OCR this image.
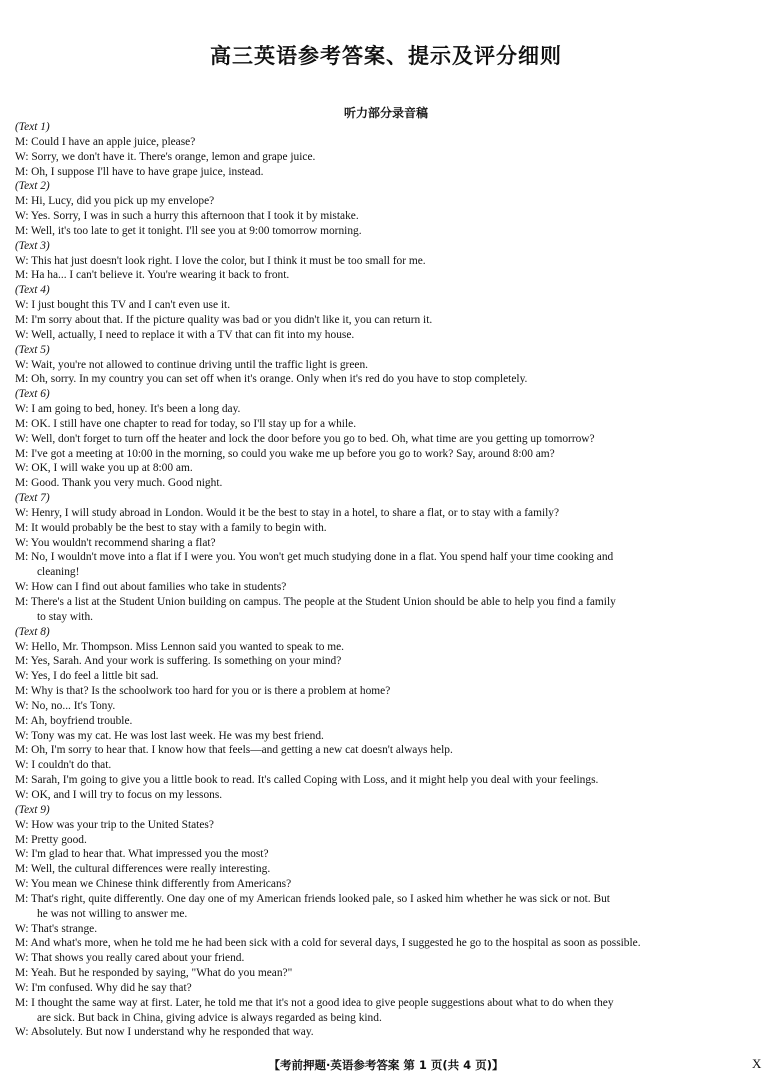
高三英语参考答案、提示及评分细则
听力部分录音稿
(Text 1)
M: Could I have an apple juice, please?
W: Sorry, we don't have it. There's orange, lemon and grape juice.
M: Oh, I suppose I'll have to have grape juice, instead.
(Text 2)
M: Hi, Lucy, did you pick up my envelope?
W: Yes. Sorry, I was in such a hurry this afternoon that I took it by mistake.
M: Well, it's too late to get it tonight. I'll see you at 9:00 tomorrow morning.
(Text 3)
W: This hat just doesn't look right. I love the color, but I think it must be too small for me.
M: Ha ha... I can't believe it. You're wearing it back to front.
(Text 4)
W: I just bought this TV and I can't even use it.
M: I'm sorry about that. If the picture quality was bad or you didn't like it, you can return it.
W: Well, actually, I need to replace it with a TV that can fit into my house.
(Text 5)
W: Wait, you're not allowed to continue driving until the traffic light is green.
M: Oh, sorry. In my country you can set off when it's orange. Only when it's red do you have to stop completely.
(Text 6)
W: I am going to bed, honey. It's been a long day.
M: OK. I still have one chapter to read for today, so I'll stay up for a while.
W: Well, don't forget to turn off the heater and lock the door before you go to bed. Oh, what time are you getting up tomorrow?
M: I've got a meeting at 10:00 in the morning, so could you wake me up before you go to work? Say, around 8:00 am?
W: OK, I will wake you up at 8:00 am.
M: Good. Thank you very much. Good night.
(Text 7)
W: Henry, I will study abroad in London. Would it be the best to stay in a hotel, to share a flat, or to stay with a family?
M: It would probably be the best to stay with a family to begin with.
W: You wouldn't recommend sharing a flat?
M: No, I wouldn't move into a flat if I were you. You won't get much studying done in a flat. You spend half your time cooking and
cleaning!
W: How can I find out about families who take in students?
M: There's a list at the Student Union building on campus. The people at the Student Union should be able to help you find a family
to stay with.
(Text 8)
W: Hello, Mr. Thompson. Miss Lennon said you wanted to speak to me.
M: Yes, Sarah. And your work is suffering. Is something on your mind?
W: Yes, I do feel a little bit sad.
M: Why is that? Is the schoolwork too hard for you or is there a problem at home?
W: No, no... It's Tony.
M: Ah, boyfriend trouble.
W: Tony was my cat. He was lost last week. He was my best friend.
M: Oh, I'm sorry to hear that. I know how that feels—and getting a new cat doesn't always help.
W: I couldn't do that.
M: Sarah, I'm going to give you a little book to read. It's called Coping with Loss, and it might help you deal with your feelings.
W: OK, and I will try to focus on my lessons.
(Text 9)
W: How was your trip to the United States?
M: Pretty good.
W: I'm glad to hear that. What impressed you the most?
M: Well, the cultural differences were really interesting.
W: You mean we Chinese think differently from Americans?
M: That's right, quite differently. One day one of my American friends looked pale, so I asked him whether he was sick or not. But
he was not willing to answer me.
W: That's strange.
M: And what's more, when he told me he had been sick with a cold for several days, I suggested he go to the hospital as soon as possible.
W: That shows you really cared about your friend.
M: Yeah. But he responded by saying, "What do you mean?"
W: I'm confused. Why did he say that?
M: I thought the same way at first. Later, he told me that it's not a good idea to give people suggestions about what to do when they
are sick. But back in China, giving advice is always regarded as being kind.
W: Absolutely. But now I understand why he responded that way.
【考前押题·英语参考答案 第 1 页(共 4 页)】	X
